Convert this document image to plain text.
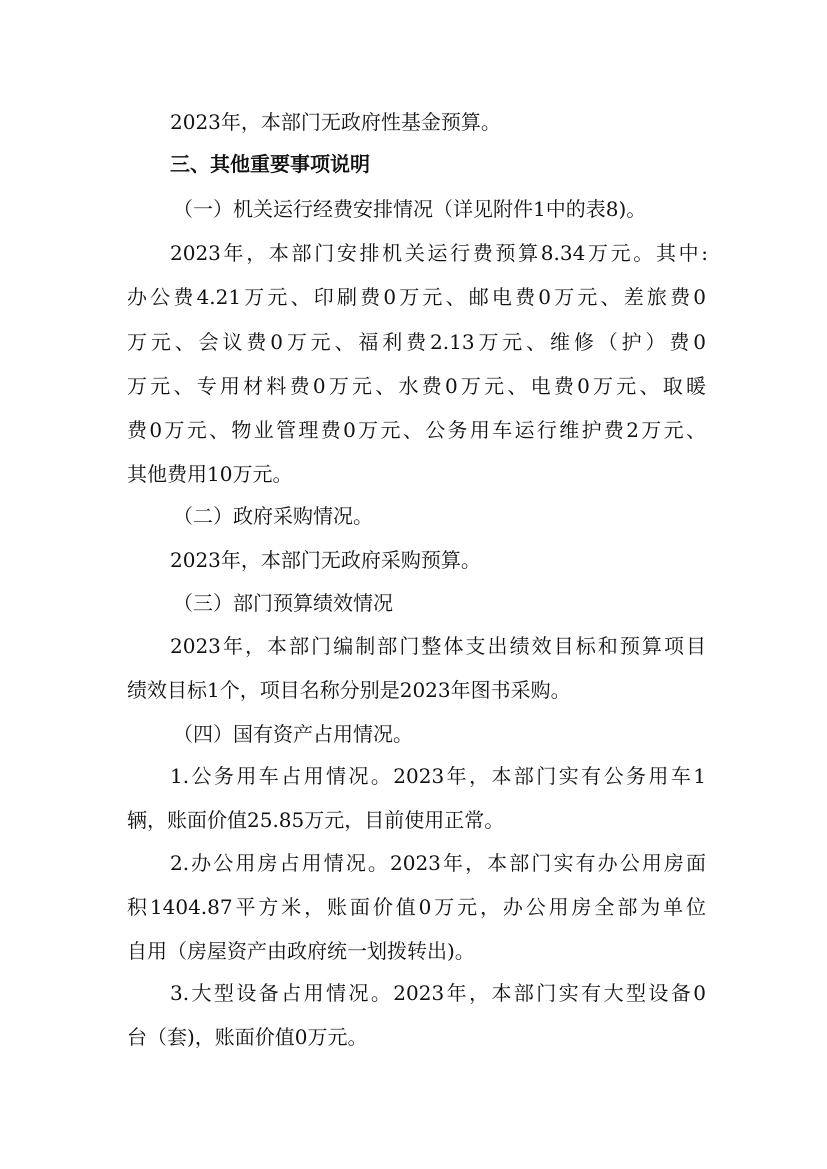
2023年，本部门无政府性基金预算。
三、其他重要事项说明
（一）机关运行经费安排情况（详见附件1中的表8)。
2023年，本部门安排机关运行费预算8.34万元。其中:
办公费4.21万元、印刷费0万元、邮电费0万元、差旅费0
万元、会议费0万元、福利费2.13万元、维修（护）费0
万元、专用材料费0万元、水费0万元、电费0万元、取暖
费0万元、物业管理费0万元、公务用车运行维护费2万元、
其他费用10万元。
（二）政府采购情况。
2023年，本部门无政府采购预算。
（三）部门预算绩效情况
2023年，本部门编制部门整体支出绩效目标和预算项目
绩效目标1个，项目名称分别是2023年图书采购。
（四）国有资产占用情况。
1.公务用车占用情况。2023年，本部门实有公务用车1
辆，账面价值25.85万元，目前使用正常。
2.办公用房占用情况。2023年，本部门实有办公用房面
积1404.87平方米，账面价值0万元，办公用房全部为单位
自用（房屋资产由政府统一划拨转出)。
3.大型设备占用情况。2023年，本部门实有大型设备0
台（套)，账面价值0万元。
